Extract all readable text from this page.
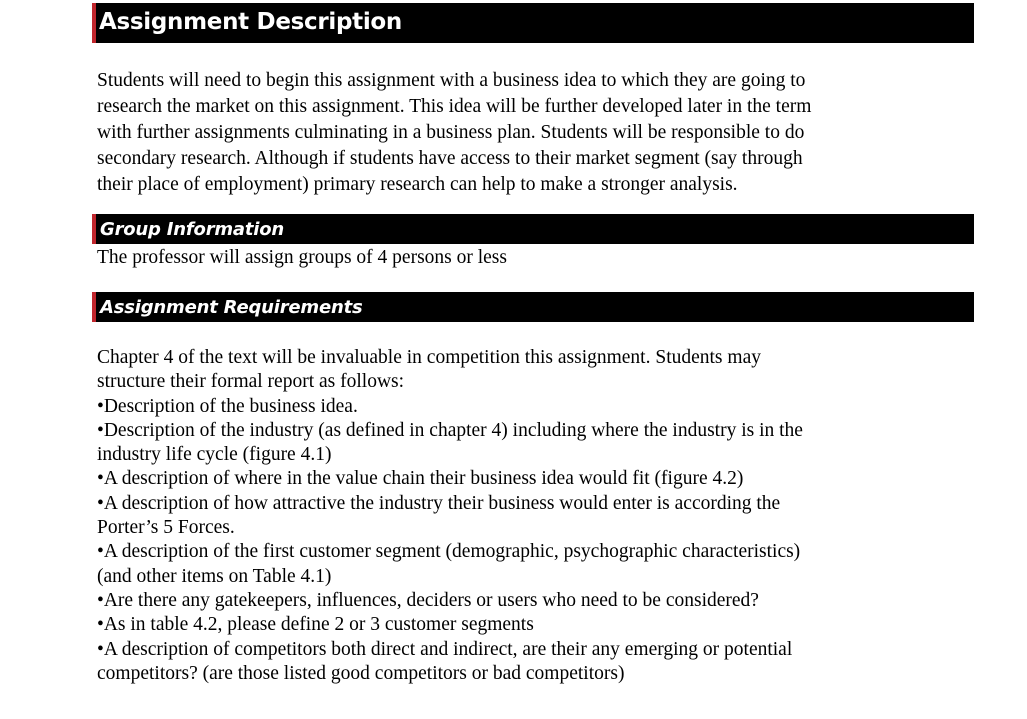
Assignment Description
Students will need to begin this assignment with a business idea to which they are going to
research the market on this assignment. This idea will be further developed later in the term
with further assignments culminating in a business plan. Students will be responsible to do
secondary research. Although if students have access to their market segment (say through
their place of employment) primary research can help to make a stronger analysis.
Group Information
The professor will assign groups of 4 persons or less
Assignment Requirements
Chapter 4 of the text will be invaluable in competition this assignment. Students may
structure their formal report as follows:
•Description of the business idea.
•Description of the industry (as defined in chapter 4) including where the industry is in the
industry life cycle (figure 4.1)
•A description of where in the value chain their business idea would fit (figure 4.2)
•A description of how attractive the industry their business would enter is according the
Porter’s 5 Forces.
•A description of the first customer segment (demographic, psychographic characteristics)
(and other items on Table 4.1)
•Are there any gatekeepers, influences, deciders or users who need to be considered?
•As in table 4.2, please define 2 or 3 customer segments
•A description of competitors both direct and indirect, are their any emerging or potential
competitors? (are those listed good competitors or bad competitors)
